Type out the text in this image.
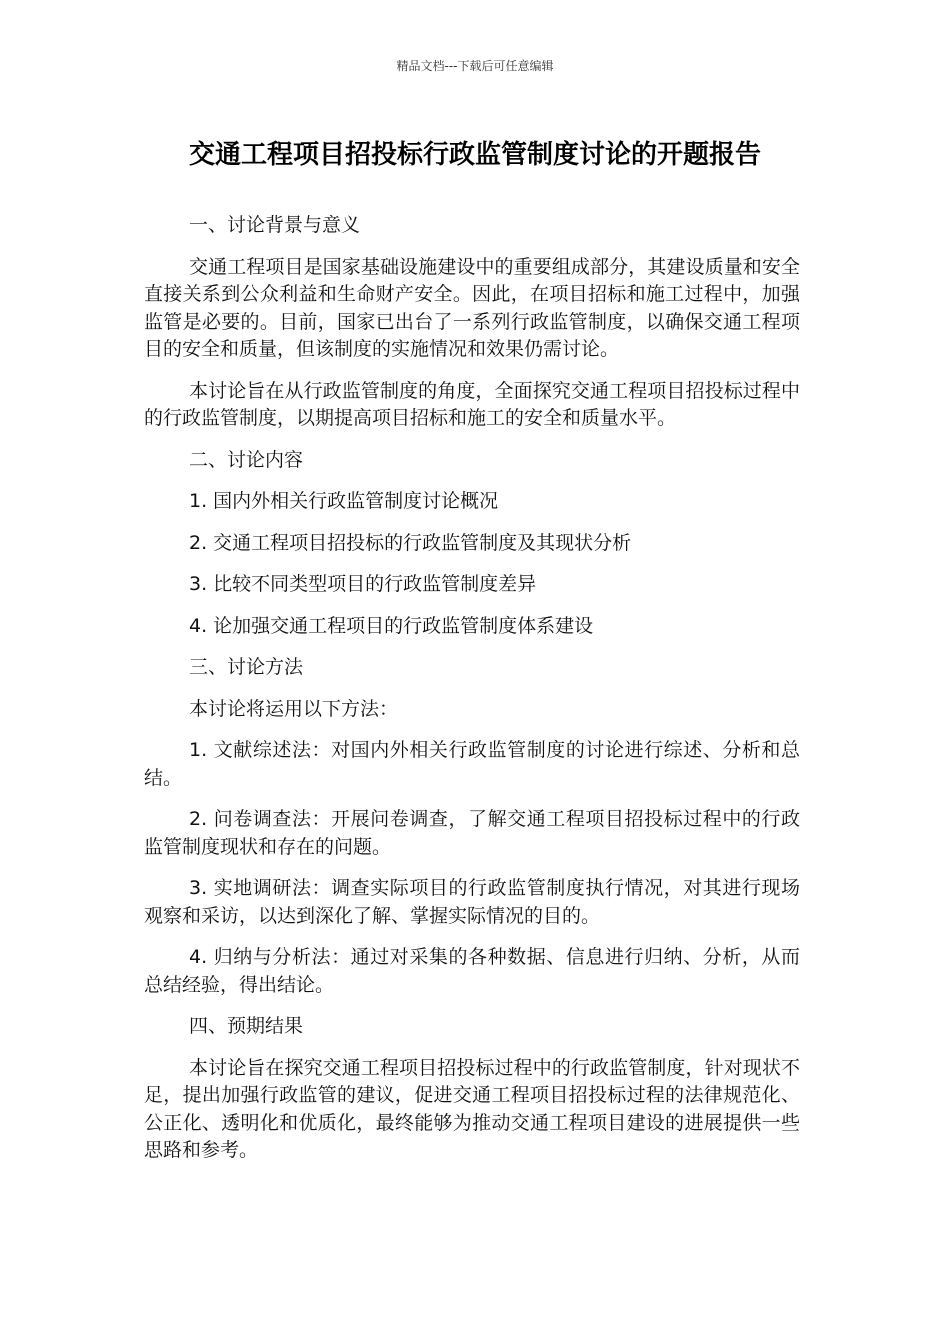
精品文档---下载后可任意编辑
交通工程项目招投标行政监管制度讨论的开题报告

一、讨论背景与意义

交通工程项目是国家基础设施建设中的重要组成部分，其建设质量和安全直接关系到公众利益和生命财产安全。因此，在项目招标和施工过程中，加强监管是必要的。目前，国家已出台了一系列行政监管制度，以确保交通工程项目的安全和质量，但该制度的实施情况和效果仍需讨论。

本讨论旨在从行政监管制度的角度，全面探究交通工程项目招投标过程中的行政监管制度，以期提高项目招标和施工的安全和质量水平。

二、讨论内容

1. 国内外相关行政监管制度讨论概况

2. 交通工程项目招投标的行政监管制度及其现状分析

3. 比较不同类型项目的行政监管制度差异

4. 论加强交通工程项目的行政监管制度体系建设

三、讨论方法

本讨论将运用以下方法：

1. 文献综述法：对国内外相关行政监管制度的讨论进行综述、分析和总结。

2. 问卷调查法：开展问卷调查，了解交通工程项目招投标过程中的行政监管制度现状和存在的问题。

3. 实地调研法：调查实际项目的行政监管制度执行情况，对其进行现场观察和采访，以达到深化了解、掌握实际情况的目的。

4. 归纳与分析法：通过对采集的各种数据、信息进行归纳、分析，从而总结经验，得出结论。

四、预期结果

本讨论旨在探究交通工程项目招投标过程中的行政监管制度，针对现状不足，提出加强行政监管的建议，促进交通工程项目招投标过程的法律规范化、公正化、透明化和优质化，最终能够为推动交通工程项目建设的进展提供一些思路和参考。
